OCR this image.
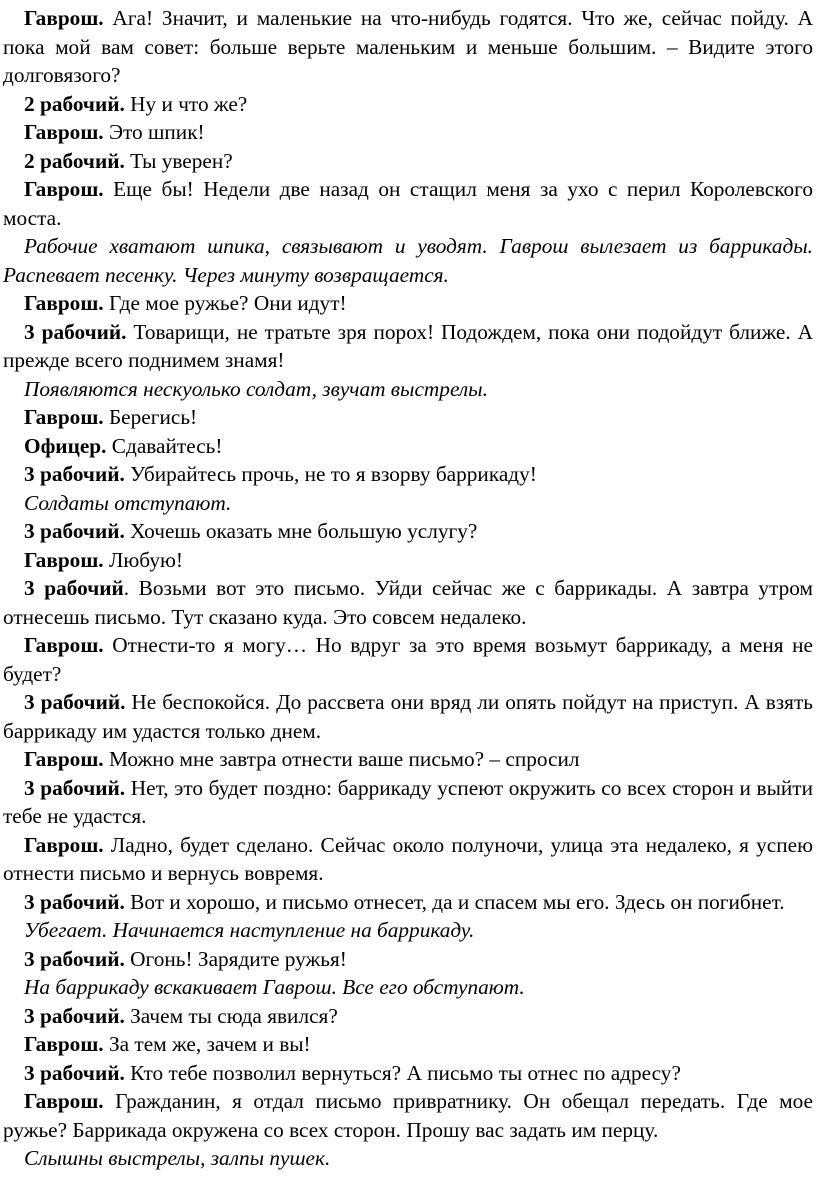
Гаврош. Ага! Значит, и маленькие на что-нибудь годятся. Что же, сейчас пойду. А пока мой вам совет: больше верьте маленьким и меньше большим. – Видите этого долговязого?

2 рабочий. Ну и что же?

Гаврош. Это шпик!

2 рабочий. Ты уверен?

Гаврош. Еще бы! Недели две назад он стащил меня за ухо с перил Королевского моста.

Рабочие хватают шпика, связывают и уводят. Гаврош вылезает из баррикады. Распевает песенку. Через минуту возвращается.

Гаврош. Где мое ружье? Они идут!

3 рабочий. Товарищи, не тратьте зря порох! Подождем, пока они подойдут ближе. А прежде всего поднимем знамя!

Появляются нескуолько солдат, звучат выстрелы.

Гаврош. Берегись!

Офицер. Сдавайтесь!

3 рабочий. Убирайтесь прочь, не то я взорву баррикаду!

Солдаты отступают.

3 рабочий. Хочешь оказать мне большую услугу?

Гаврош. Любую!

3 рабочий. Возьми вот это письмо. Уйди сейчас же с баррикады. А завтра утром отнесешь письмо. Тут сказано куда. Это совсем недалеко.

Гаврош. Отнести-то я могу… Но вдруг за это время возьмут баррикаду, а меня не будет?

3 рабочий. Не беспокойся. До рассвета они вряд ли опять пойдут на приступ. А взять баррикаду им удастся только днем.

Гаврош. Можно мне завтра отнести ваше письмо? – спросил

3 рабочий. Нет, это будет поздно: баррикаду успеют окружить со всех сторон и выйти тебе не удастся.

Гаврош. Ладно, будет сделано. Сейчас около полуночи, улица эта недалеко, я успею отнести письмо и вернусь вовремя.

3 рабочий. Вот и хорошо, и письмо отнесет, да и спасем мы его. Здесь он погибнет.

Убегает. Начинается наступление на баррикаду.

3 рабочий. Огонь! Зарядите ружья!

На баррикаду вскакивает Гаврош. Все его обступают.

3 рабочий. Зачем ты сюда явился?

Гаврош. За тем же, зачем и вы!

3 рабочий. Кто тебе позволил вернуться? А письмо ты отнес по адресу?

Гаврош. Гражданин, я отдал письмо привратнику. Он обещал передать. Где мое ружье? Баррикада окружена со всех сторон. Прошу вас задать им перцу.

Слышны выстрелы, залпы пушек.
